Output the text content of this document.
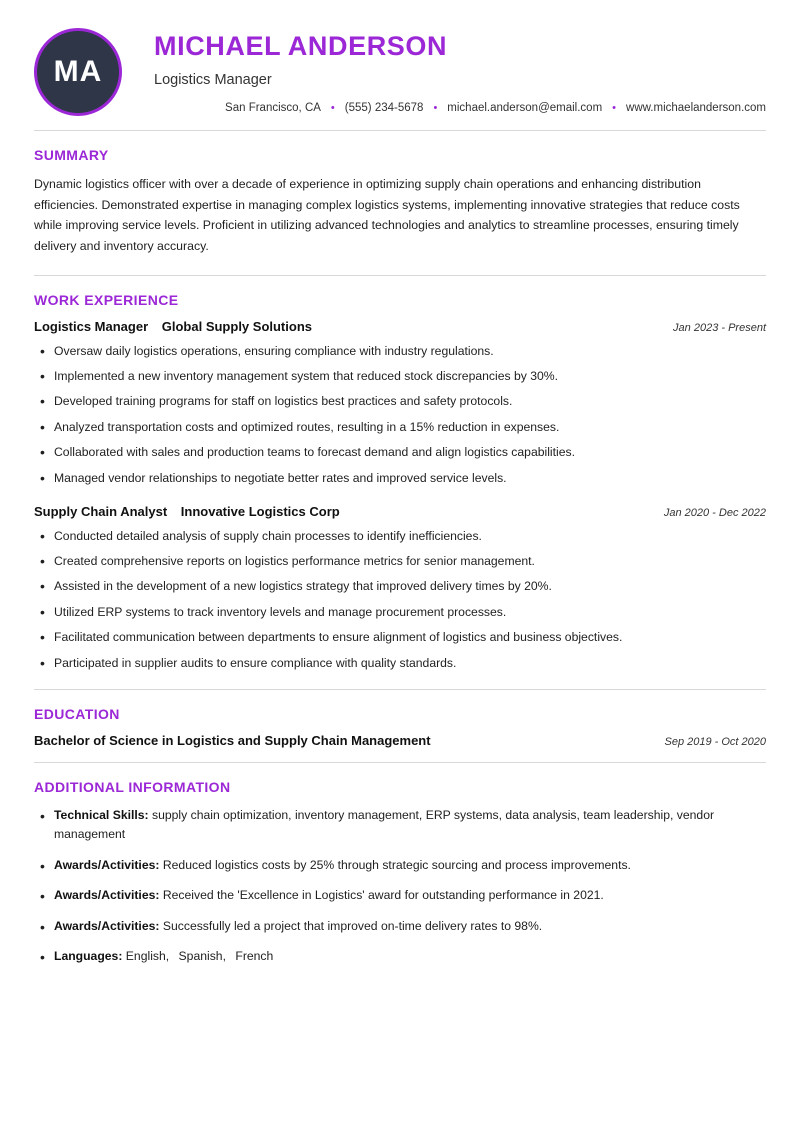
MA
MICHAEL ANDERSON
Logistics Manager
San Francisco, CA • (555) 234-5678 • michael.anderson@email.com • www.michaelanderson.com
SUMMARY

Dynamic logistics officer with over a decade of experience in optimizing supply chain operations and enhancing distribution efficiencies. Demonstrated expertise in managing complex logistics systems, implementing innovative strategies that reduce costs while improving service levels. Proficient in utilizing advanced technologies and analytics to streamline processes, ensuring timely delivery and inventory accuracy.

WORK EXPERIENCE
Logistics Manager Global Supply Solutions	Jan 2023 - Present
• Oversaw daily logistics operations, ensuring compliance with industry regulations.
• Implemented a new inventory management system that reduced stock discrepancies by 30%.
• Developed training programs for staff on logistics best practices and safety protocols.
• Analyzed transportation costs and optimized routes, resulting in a 15% reduction in expenses.
• Collaborated with sales and production teams to forecast demand and align logistics capabilities.
• Managed vendor relationships to negotiate better rates and improved service levels.
Supply Chain Analyst Innovative Logistics Corp	Jan 2020 - Dec 2022
• Conducted detailed analysis of supply chain processes to identify inefficiencies.
• Created comprehensive reports on logistics performance metrics for senior management.
• Assisted in the development of a new logistics strategy that improved delivery times by 20%.
• Utilized ERP systems to track inventory levels and manage procurement processes.
• Facilitated communication between departments to ensure alignment of logistics and business objectives.
• Participated in supplier audits to ensure compliance with quality standards.
EDUCATION
Bachelor of Science in Logistics and Supply Chain Management	Sep 2019 - Oct 2020
ADDITIONAL INFORMATION
• Technical Skills: supply chain optimization, inventory management, ERP systems, data analysis, team leadership, vendor management
• Awards/Activities: Reduced logistics costs by 25% through strategic sourcing and process improvements.
• Awards/Activities: Received the 'Excellence in Logistics' award for outstanding performance in 2021.
• Awards/Activities: Successfully led a project that improved on-time delivery rates to 98%.
• Languages: English, Spanish, French
